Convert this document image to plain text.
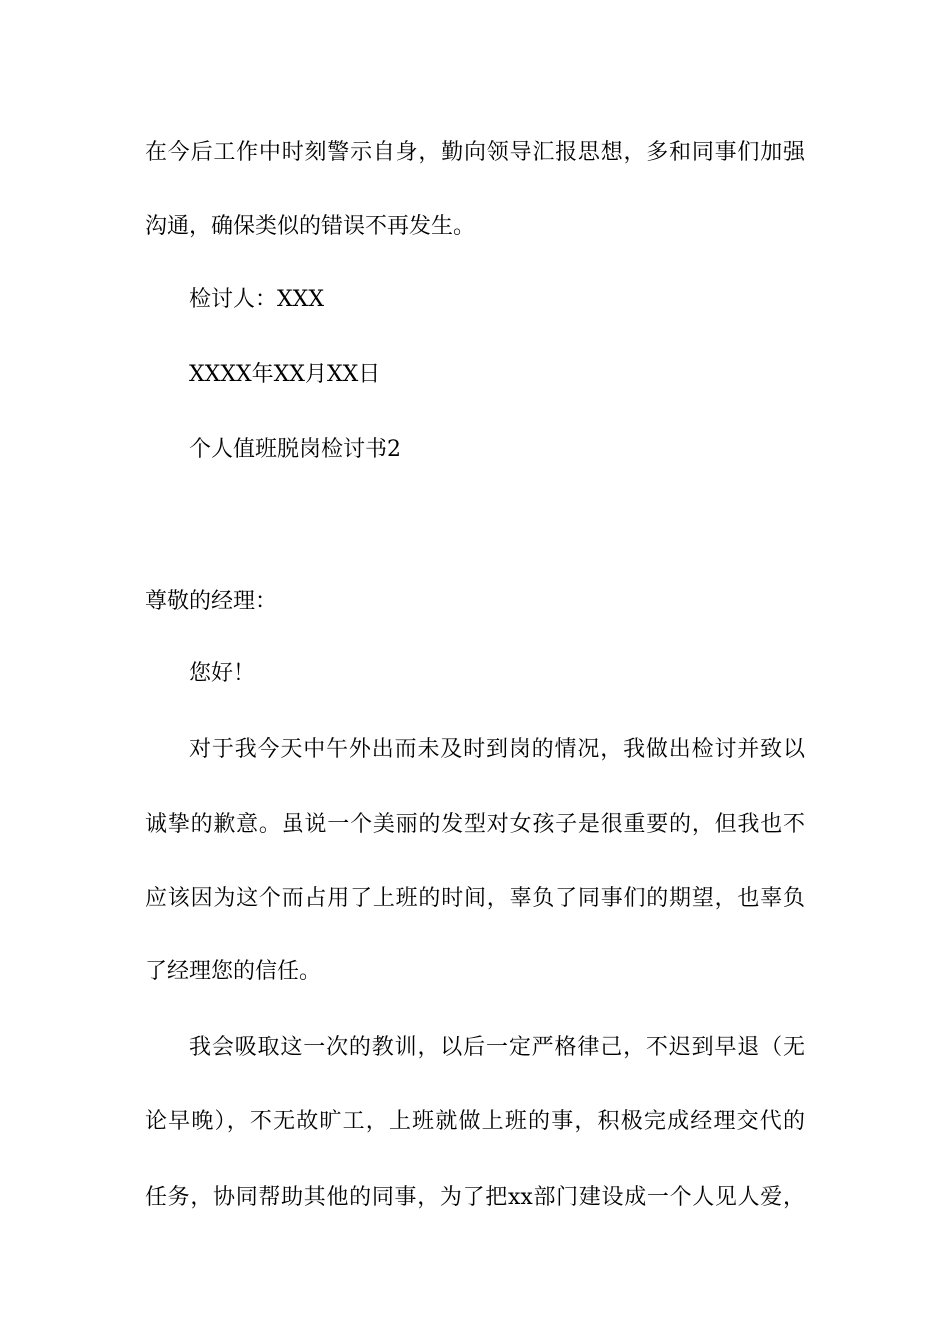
在今后工作中时刻警示自身，勤向领导汇报思想，多和同事们加强
沟通，确保类似的错误不再发生。
检讨人：XXX
XXXX年XX月XX日
个人值班脱岗检讨书2
尊敬的经理：
您好！
对于我今天中午外出而未及时到岗的情况，我做出检讨并致以
诚挚的歉意。虽说一个美丽的发型对女孩子是很重要的，但我也不
应该因为这个而占用了上班的时间，辜负了同事们的期望，也辜负
了经理您的信任。
我会吸取这一次的教训，以后一定严格律己，不迟到早退（无
论早晚），不无故旷工，上班就做上班的事，积极完成经理交代的
任务，协同帮助其他的同事，为了把xx部门建设成一个人见人爱，
